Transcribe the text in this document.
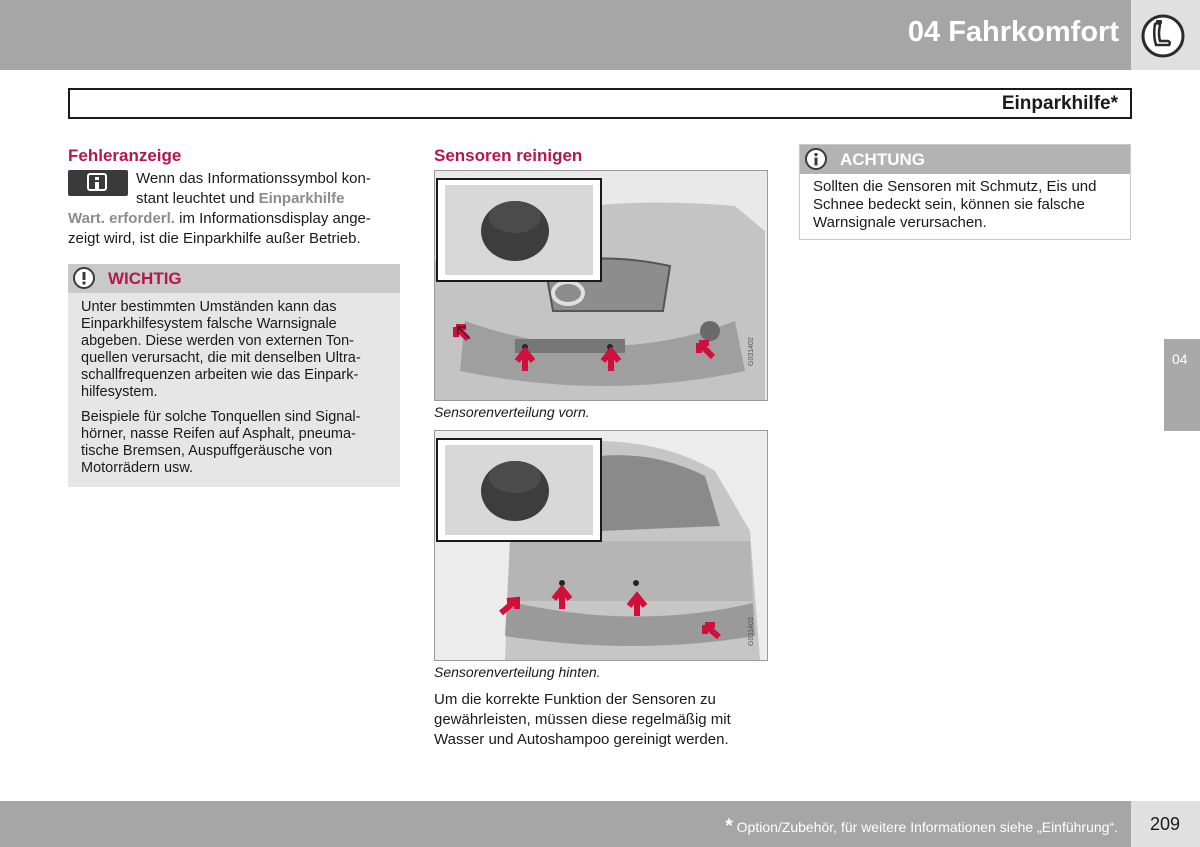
04 Fahrkomfort
Einparkhilfe*
Fehleranzeige
Wenn das Informationssymbol kon-
stant leuchtet und Einparkhilfe
Wart. erforderl. im Informationsdisplay ange-
zeigt wird, ist die Einparkhilfe außer Betrieb.
WICHTIG

Unter bestimmten Umständen kann das
Einparkhilfesystem falsche Warnsignale
abgeben. Diese werden von externen Ton-
quellen verursacht, die mit denselben Ultra-
schallfrequenzen arbeiten wie das Einpark-
hilfesystem.

Beispiele für solche Tonquellen sind Signal-
hörner, nasse Reifen auf Asphalt, pneuma-
tische Bremsen, Auspuffgeräusche von
Motorrädern usw.

Sensoren reinigen
G031402
Sensorenverteilung vorn.
G031403
Sensorenverteilung hinten.
Um die korrekte Funktion der Sensoren zu
gewährleisten, müssen diese regelmäßig mit
Wasser und Autoshampoo gereinigt werden.
ACHTUNG
Sollten die Sensoren mit Schmutz, Eis und
Schnee bedeckt sein, können sie falsche
Warnsignale verursachen.
04
* Option/Zubehör, für weitere Informationen siehe „Einführung“. 209
